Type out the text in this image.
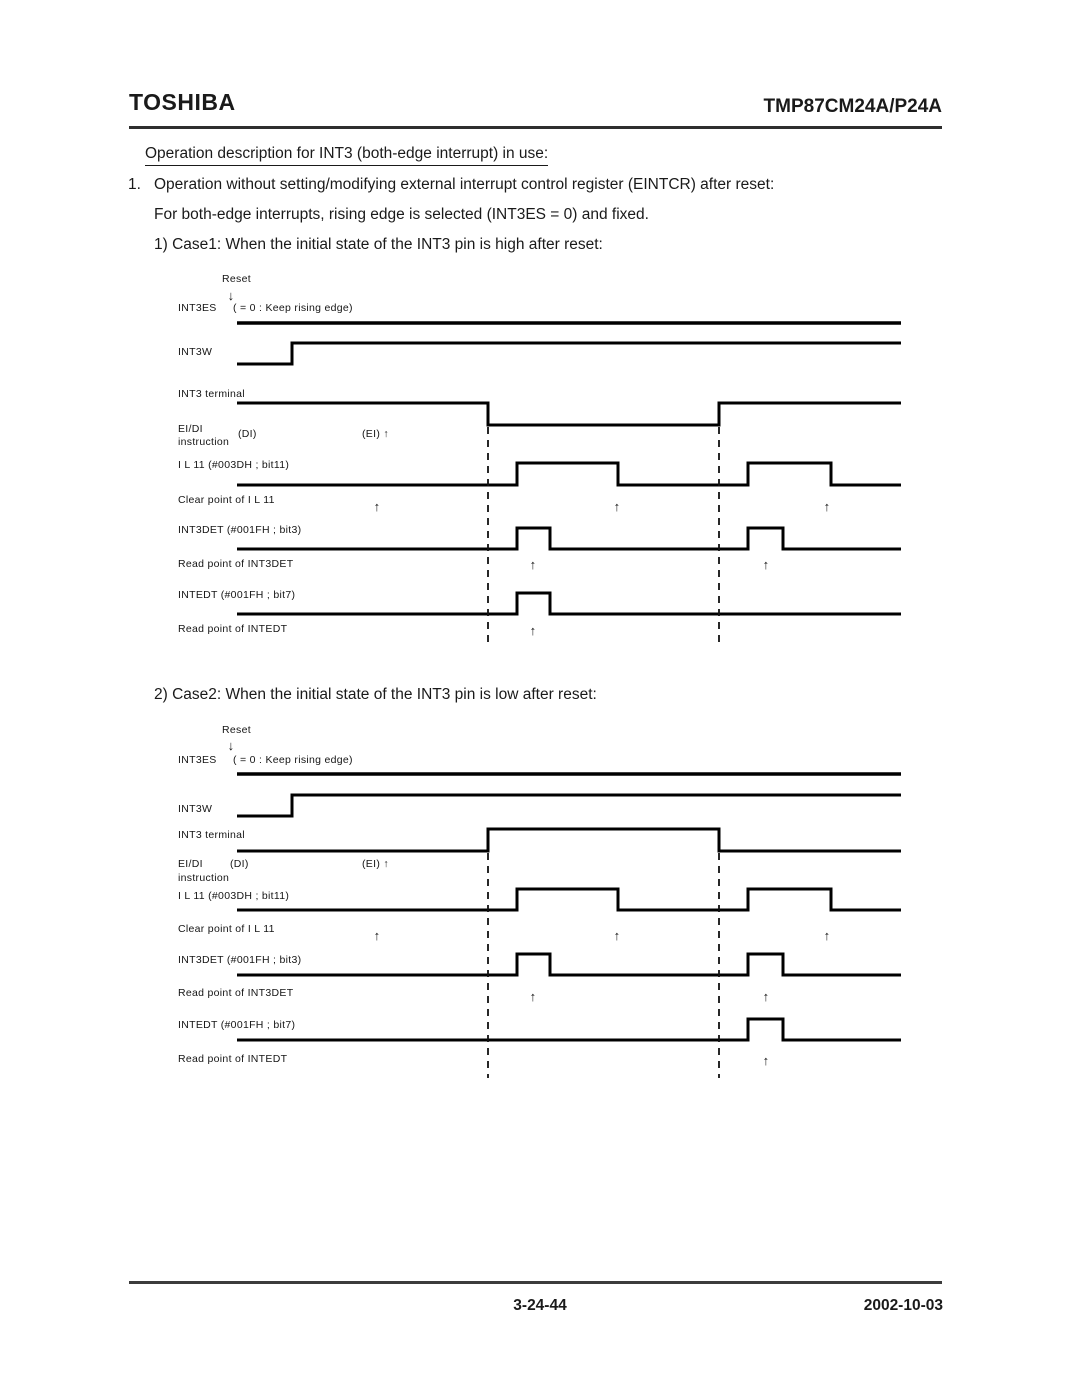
TOSHIBA	TMP87CM24A/P24A
Operation description for INT3 (both-edge interrupt) in use:
1. Operation without setting/modifying external interrupt control register (EINTCR) after reset:
For both-edge interrupts, rising edge is selected (INT3ES = 0) and fixed.
1) Case1: When the initial state of the INT3 pin is high after reset:
2) Case2: When the initial state of the INT3 pin is low after reset:
Reset
INT3ES ( = 0 : Keep rising edge)
INT3W
INT3 terminal
EI/DI	(DI)	(EI) ↑
instruction
I L 11 (#003DH ; bit11)
Clear point of I L 11
INT3DET (#001FH ; bit3)
Read point of INT3DET
INTEDT (#001FH ; bit7)
Read point of INTEDT
↓
↑	↑	↑
↑	↑
↑
Reset
INT3ES ( = 0 : Keep rising edge)
INT3W
INT3 terminal
EI/DI	(DI)	(EI) ↑
instruction
I L 11 (#003DH ; bit11)
Clear point of I L 11
INT3DET (#001FH ; bit3)
Read point of INT3DET
INTEDT (#001FH ; bit7)
Read point of INTEDT
↓
↑	↑	↑
↑	↑
↑
3-24-44	2002-10-03
